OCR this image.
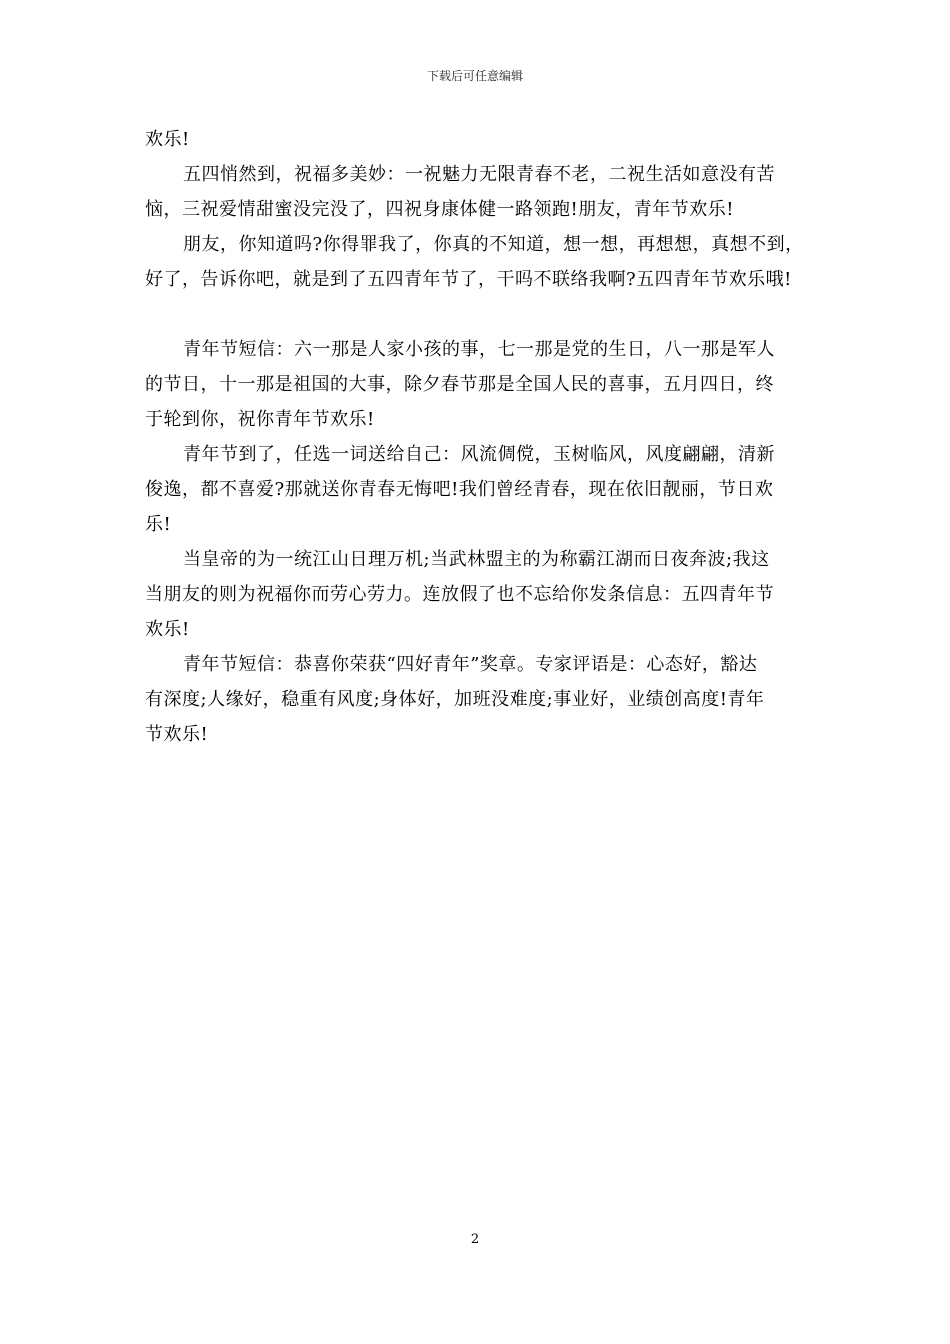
下载后可任意编辑
欢乐!
五四悄然到，祝福多美妙：一祝魅力无限青春不老，二祝生活如意没有苦
恼，三祝爱情甜蜜没完没了，四祝身康体健一路领跑!朋友，青年节欢乐!
朋友，你知道吗?你得罪我了，你真的不知道，想一想，再想想，真想不到，
好了，告诉你吧，就是到了五四青年节了，干吗不联络我啊?五四青年节欢乐哦!
青年节短信：六一那是人家小孩的事，七一那是党的生日，八一那是军人
的节日，十一那是祖国的大事，除夕春节那是全国人民的喜事，五月四日，终
于轮到你，祝你青年节欢乐!
青年节到了，任选一词送给自己：风流倜傥，玉树临风，风度翩翩，清新
俊逸，都不喜爱?那就送你青春无悔吧!我们曾经青春，现在依旧靓丽，节日欢
乐!
当皇帝的为一统江山日理万机;当武林盟主的为称霸江湖而日夜奔波;我这
当朋友的则为祝福你而劳心劳力。连放假了也不忘给你发条信息：五四青年节
欢乐!
青年节短信：恭喜你荣获“四好青年”奖章。专家评语是：心态好，豁达
有深度;人缘好，稳重有风度;身体好，加班没难度;事业好，业绩创高度!青年
节欢乐!
2
